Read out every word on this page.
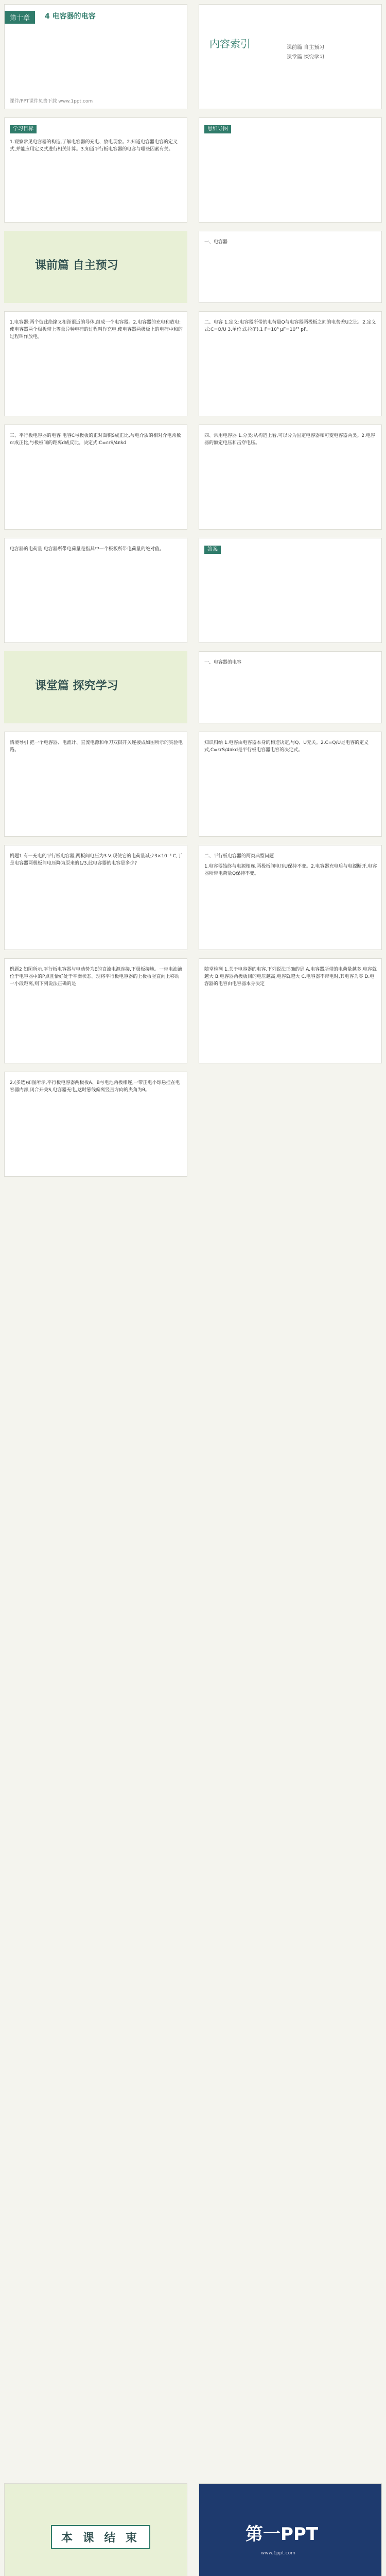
第十章	4 电容器的电容
课件/PPT课件免费下载 www.1ppt.com
内容索引	课前篇 自主预习
课堂篇 探究学习
学习目标
1.观察常见电容器的构造,了解电容器的充电、放电现象。2.知道电容器电容的定义式,并能应用定义式进行相关计算。3.知道平行板电容器的电容与哪些因素有关。
思维导图
课前篇 自主预习
一、电容器
1.电容器:两个彼此绝缘又相距很近的导体,组成一个电容器。2.电容器的充电和放电:使电容器两个极板带上等量异种电荷的过程叫作充电,使电容器两极板上的电荷中和的过程叫作放电。
二、电容 1.定义:电容器所带的电荷量Q与电容器两极板之间的电势差U之比。2.定义式:C=Q/U 3.单位:法拉(F),1 F=10⁶ μF=10¹² pF。
三、平行板电容器的电容 电容C与极板的正对面积S成正比,与电介质的相对介电常数εr成正比,与极板间的距离d成反比。决定式:C=εrS/4πkd
四、常用电容器 1.分类:从构造上看,可以分为固定电容器和可变电容器两类。2.电容器的额定电压和击穿电压。
电容器的电荷量 电容器所带电荷量是指其中一个极板所带电荷量的绝对值。	答案
课堂篇 探究学习
一、电容器的电容
情境导引 把一个电容器、电流计、直流电源和单刀双掷开关连接成如图所示的实验电路。
知识归纳 1.电容由电容器本身的构造决定,与Q、U无关。2.C=Q/U是电容的定义式,C=εrS/4πkd是平行板电容器电容的决定式。
例题1 有一充电的平行板电容器,两板间电压为3 V,现使它的电荷量减少3×10⁻⁴ C,于是电容器两极板间电压降为原来的1/3,此电容器的电容是多少?
二、平行板电容器的两类典型问题
1.电容器始终与电源相连,两极板间电压U保持不变。2.电容器充电后与电源断开,电容器所带电荷量Q保持不变。
例题2 如图所示,平行板电容器与电动势为E的直流电源连接,下极板接地。一带电油滴位于电容器中的P点且恰好处于平衡状态。现将平行板电容器的上极板竖直向上移动一小段距离,则下列说法正确的是
随堂检测 1.关于电容器的电容,下列说法正确的是 A.电容器所带的电荷量越多,电容就越大 B.电容器两极板间的电压越高,电容就越大 C.电容器不带电时,其电容为零 D.电容器的电容由电容器本身决定
2.(多选)如图所示,平行板电容器两极板A、B与电池两极相连,一带正电小球悬挂在电容器内部,闭合开关S,电容器充电,这时悬线偏离竖直方向的夹角为θ。
本 课 结 束	第一PPT
www.1ppt.com
